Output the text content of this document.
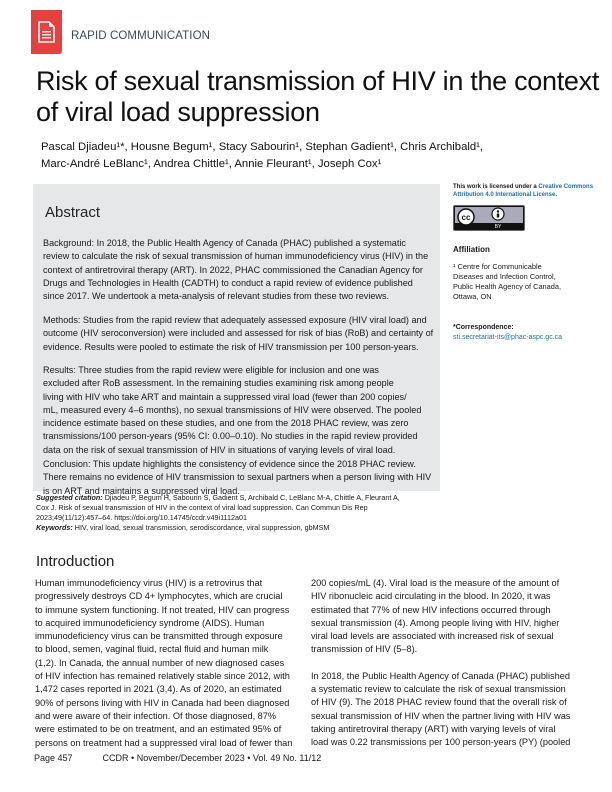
RAPID COMMUNICATION
Risk of sexual transmission of HIV in the context
of viral load suppression
Pascal Djiadeu¹*, Housne Begum¹, Stacy Sabourin¹, Stephan Gadient¹, Chris Archibald¹,
Marc-André LeBlanc¹, Andrea Chittle¹, Annie Fleurant¹, Joseph Cox¹
Abstract
Background: In 2018, the Public Health Agency of Canada (PHAC) published a systematic
review to calculate the risk of sexual transmission of human immunodeficiency virus (HIV) in the
context of antiretroviral therapy (ART). In 2022, PHAC commissioned the Canadian Agency for
Drugs and Technologies in Health (CADTH) to conduct a rapid review of evidence published
since 2017. We undertook a meta-analysis of relevant studies from these two reviews.
Methods: Studies from the rapid review that adequately assessed exposure (HIV viral load) and
outcome (HIV seroconversion) were included and assessed for risk of bias (RoB) and certainty of
evidence. Results were pooled to estimate the risk of HIV transmission per 100 person-years.
Results: Three studies from the rapid review were eligible for inclusion and one was
excluded after RoB assessment. In the remaining studies examining risk among people
living with HIV who take ART and maintain a suppressed viral load (fewer than 200 copies/
mL, measured every 4–6 months), no sexual transmissions of HIV were observed. The pooled
incidence estimate based on these studies, and one from the 2018 PHAC review, was zero
transmissions/100 person-years (95% CI: 0.00–0.10). No studies in the rapid review provided
data on the risk of sexual transmission of HIV in situations of varying levels of viral load.
Conclusion: This update highlights the consistency of evidence since the 2018 PHAC review.
There remains no evidence of HIV transmission to sexual partners when a person living with HIV
is on ART and maintains a suppressed viral load.
This work is licensed under a Creative Commons Attribution 4.0 International License.
cc
BY
Affiliation
¹ Centre for Communicable
Diseases and Infection Control,
Public Health Agency of Canada,
Ottawa, ON
*Correspondence:
sti.secretariat-its@phac-aspc.gc.ca
Suggested citation: Djiadeu P, Begum H, Sabourin S, Gadient S, Archibald C, LeBlanc M-A, Chittle A, Fleurant A,
Cox J. Risk of sexual transmission of HIV in the context of viral load suppression. Can Commun Dis Rep
2023;49(11/12):457–64. https://doi.org/10.14745/ccdr.v49i1112a01
Keywords: HIV, viral load, sexual transmission, serodiscordance, viral suppression, gbMSM
Introduction
Human immunodeficiency virus (HIV) is a retrovirus that
progressively destroys CD 4+ lymphocytes, which are crucial
to immune system functioning. If not treated, HIV can progress
to acquired immunodeficiency syndrome (AIDS). Human
immunodeficiency virus can be transmitted through exposure
to blood, semen, vaginal fluid, rectal fluid and human milk
(1,2). In Canada, the annual number of new diagnosed cases
of HIV infection has remained relatively stable since 2012, with
1,472 cases reported in 2021 (3,4). As of 2020, an estimated
90% of persons living with HIV in Canada had been diagnosed
and were aware of their infection. Of those diagnosed, 87%
were estimated to be on treatment, and an estimated 95% of
persons on treatment had a suppressed viral load of fewer than
200 copies/mL (4). Viral load is the measure of the amount of
HIV ribonucleic acid circulating in the blood. In 2020, it was
estimated that 77% of new HIV infections occurred through
sexual transmission (4). Among people living with HIV, higher
viral load levels are associated with increased risk of sexual
transmission of HIV (5–8).
In 2018, the Public Health Agency of Canada (PHAC) published
a systematic review to calculate the risk of sexual transmission
of HIV (9). The 2018 PHAC review found that the overall risk of
sexual transmission of HIV when the partner living with HIV was
taking antiretroviral therapy (ART) with varying levels of viral
load was 0.22 transmissions per 100 person-years (PY) (pooled
Page 457	CCDR • November/December 2023 • Vol. 49 No. 11/12
